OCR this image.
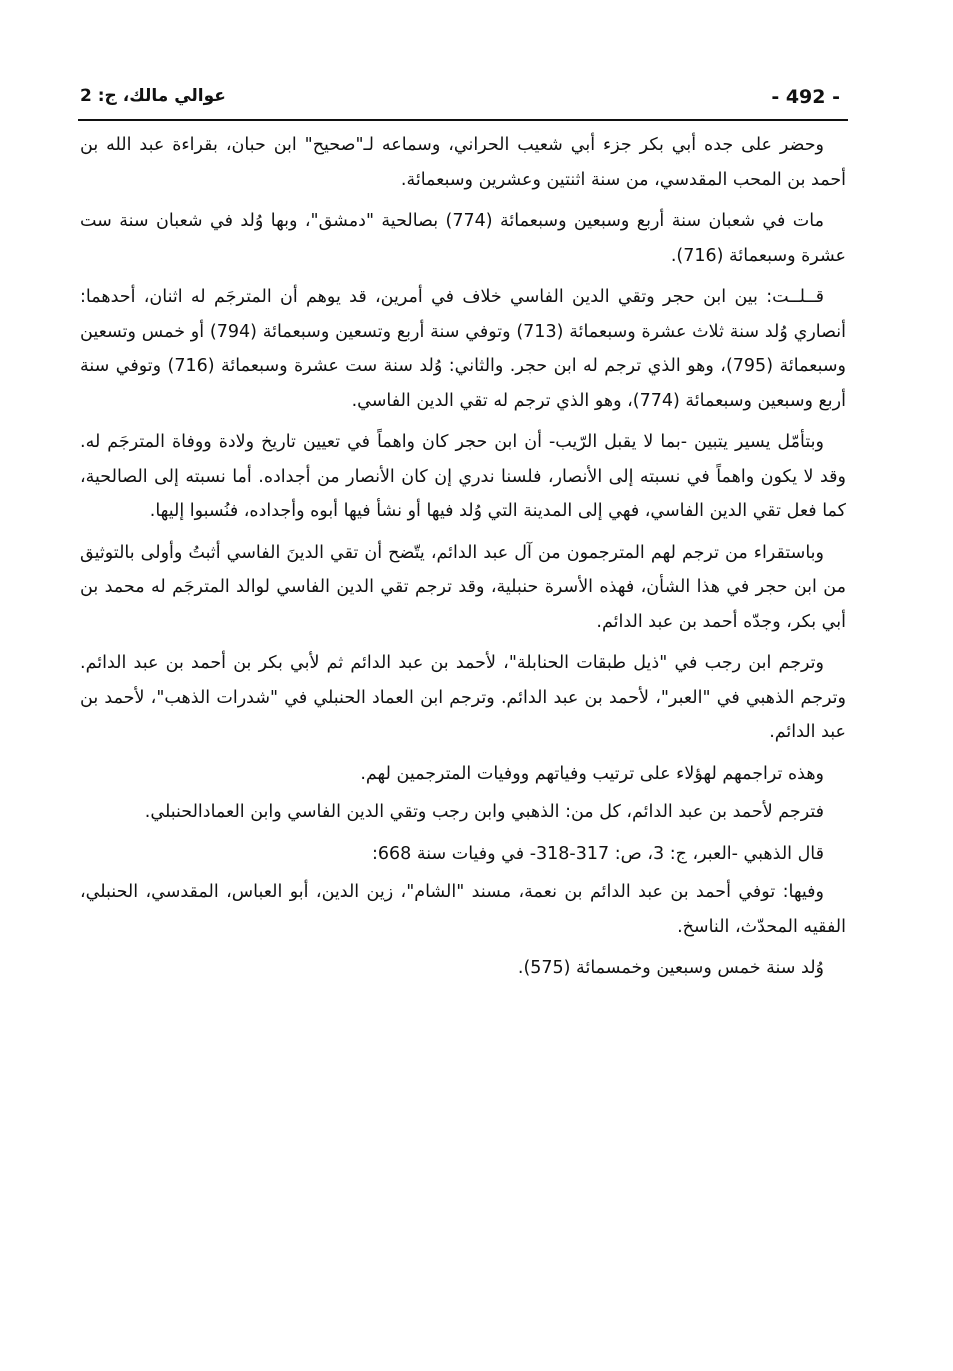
- 492 -
عوالي مالك، ج: 2

وحضر على جده أبي بكر جزء أبي شعيب الحراني، وسماعه لـ"صحيح" ابن حبان، بقراءة عبد الله بن أحمد بن المحب المقدسي، من سنة اثنتين وعشرين وسبعمائة.

مات في شعبان سنة أربع وسبعين وسبعمائة (774) بصالحية "دمشق"، وبها وُلد في شعبان سنة ست عشرة وسبعمائة (716).

قــلــت: بين ابن حجر وتقي الدين الفاسي خلاف في أمرين، قد يوهم أن المترجَم له اثنان، أحدهما: أنصاري وُلد سنة ثلاث عشرة وسبعمائة (713) وتوفي سنة أربع وتسعين وسبعمائة (794) أو خمس وتسعين وسبعمائة (795)، وهو الذي ترجم له ابن حجر. والثاني: وُلد سنة ست عشرة وسبعمائة (716) وتوفي سنة أربع وسبعين وسبعمائة (774)، وهو الذي ترجم له تقي الدين الفاسي.

وبتأمّل يسير يتبين -بما لا يقبل الرّيب- أن ابن حجر كان واهماً في تعيين تاريخ ولادة ووفاة المترجَم له. وقد لا يكون واهماً في نسبته إلى الأنصار، فلسنا ندري إن كان الأنصار من أجداده. أما نسبته إلى الصالحية، كما فعل تقي الدين الفاسي، فهي إلى المدينة التي وُلد فيها أو نشأ فيها أبوه وأجداده، فنُسبوا إليها.

وباستقراء من ترجم لهم المترجمون من آل عبد الدائم، يتّضح أن تقي الدينَ الفاسي أثبتُ وأولى بالتوثيق من ابن حجر في هذا الشأن، فهذه الأسرة حنبلية، وقد ترجم تقي الدين الفاسي لوالد المترجَم له محمد بن أبي بكر، وجدّه أحمد بن عبد الدائم.

وترجم ابن رجب في "ذيل طبقات الحنابلة"، لأحمد بن عبد الدائم ثم لأبي بكر بن أحمد بن عبد الدائم. وترجم الذهبي في "العبر"، لأحمد بن عبد الدائم. وترجم ابن العماد الحنبلي في "شدرات الذهب"، لأحمد بن عبد الدائم.

وهذه تراجمهم لهؤلاء على ترتيب وفياتهم ووفيات المترجمين لهم.

فترجم لأحمد بن عبد الدائم، كل من: الذهبي وابن رجب وتقي الدين الفاسي وابن العمادالحنبلي.

قال الذهبي -العبر، ج: 3، ص: 317-318- في وفيات سنة 668:

وفيها: توفي أحمد بن عبد الدائم بن نعمة، مسند "الشام"، زين الدين، أبو العباس، المقدسي، الحنبلي، الفقيه المحدّث، الناسخ.

وُلد سنة خمس وسبعين وخمسمائة (575).
